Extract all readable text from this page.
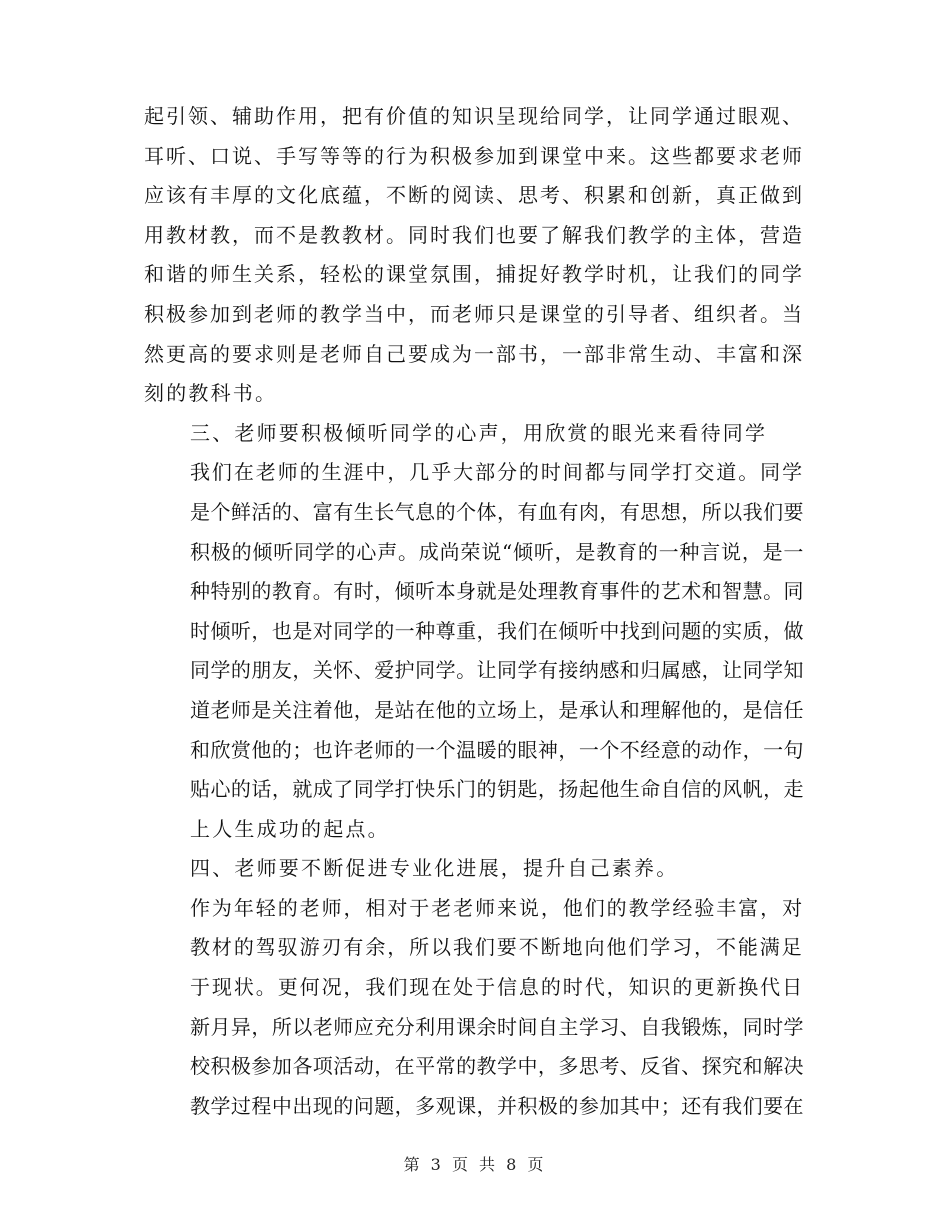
起引领、辅助作用，把有价值的知识呈现给同学，让同学通过眼观、
耳听、口说、手写等等的行为积极参加到课堂中来。这些都要求老师
应该有丰厚的文化底蕴，不断的阅读、思考、积累和创新，真正做到
用教材教，而不是教教材。同时我们也要了解我们教学的主体，营造
和谐的师生关系，轻松的课堂氛围，捕捉好教学时机，让我们的同学
积极参加到老师的教学当中，而老师只是课堂的引导者、组织者。当
然更高的要求则是老师自己要成为一部书，一部非常生动、丰富和深
刻的教科书。

三、老师要积极倾听同学的心声，用欣赏的眼光来看待同学

我们在老师的生涯中，几乎大部分的时间都与同学打交道。同学
是个鲜活的、富有生长气息的个体，有血有肉，有思想，所以我们要
积极的倾听同学的心声。成尚荣说“倾听，是教育的一种言说，是一
种特别的教育。有时，倾听本身就是处理教育事件的艺术和智慧。同
时倾听，也是对同学的一种尊重，我们在倾听中找到问题的实质，做
同学的朋友，关怀、爱护同学。让同学有接纳感和归属感，让同学知
道老师是关注着他，是站在他的立场上，是承认和理解他的，是信任
和欣赏他的；也许老师的一个温暖的眼神，一个不经意的动作，一句
贴心的话，就成了同学打快乐门的钥匙，扬起他生命自信的风帆，走
上人生成功的起点。

四、老师要不断促进专业化进展，提升自己素养。

作为年轻的老师，相对于老老师来说，他们的教学经验丰富，对
教材的驾驭游刃有余，所以我们要不断地向他们学习，不能满足

于现状。更何况，我们现在处于信息的时代，知识的更新换代日
新月异，所以老师应充分利用课余时间自主学习、自我锻炼，同时学
校积极参加各项活动，在平常的教学中，多思考、反省、探究和解决
教学过程中出现的问题，多观课，并积极的参加其中；还有我们要在

第 3 页 共 8 页
